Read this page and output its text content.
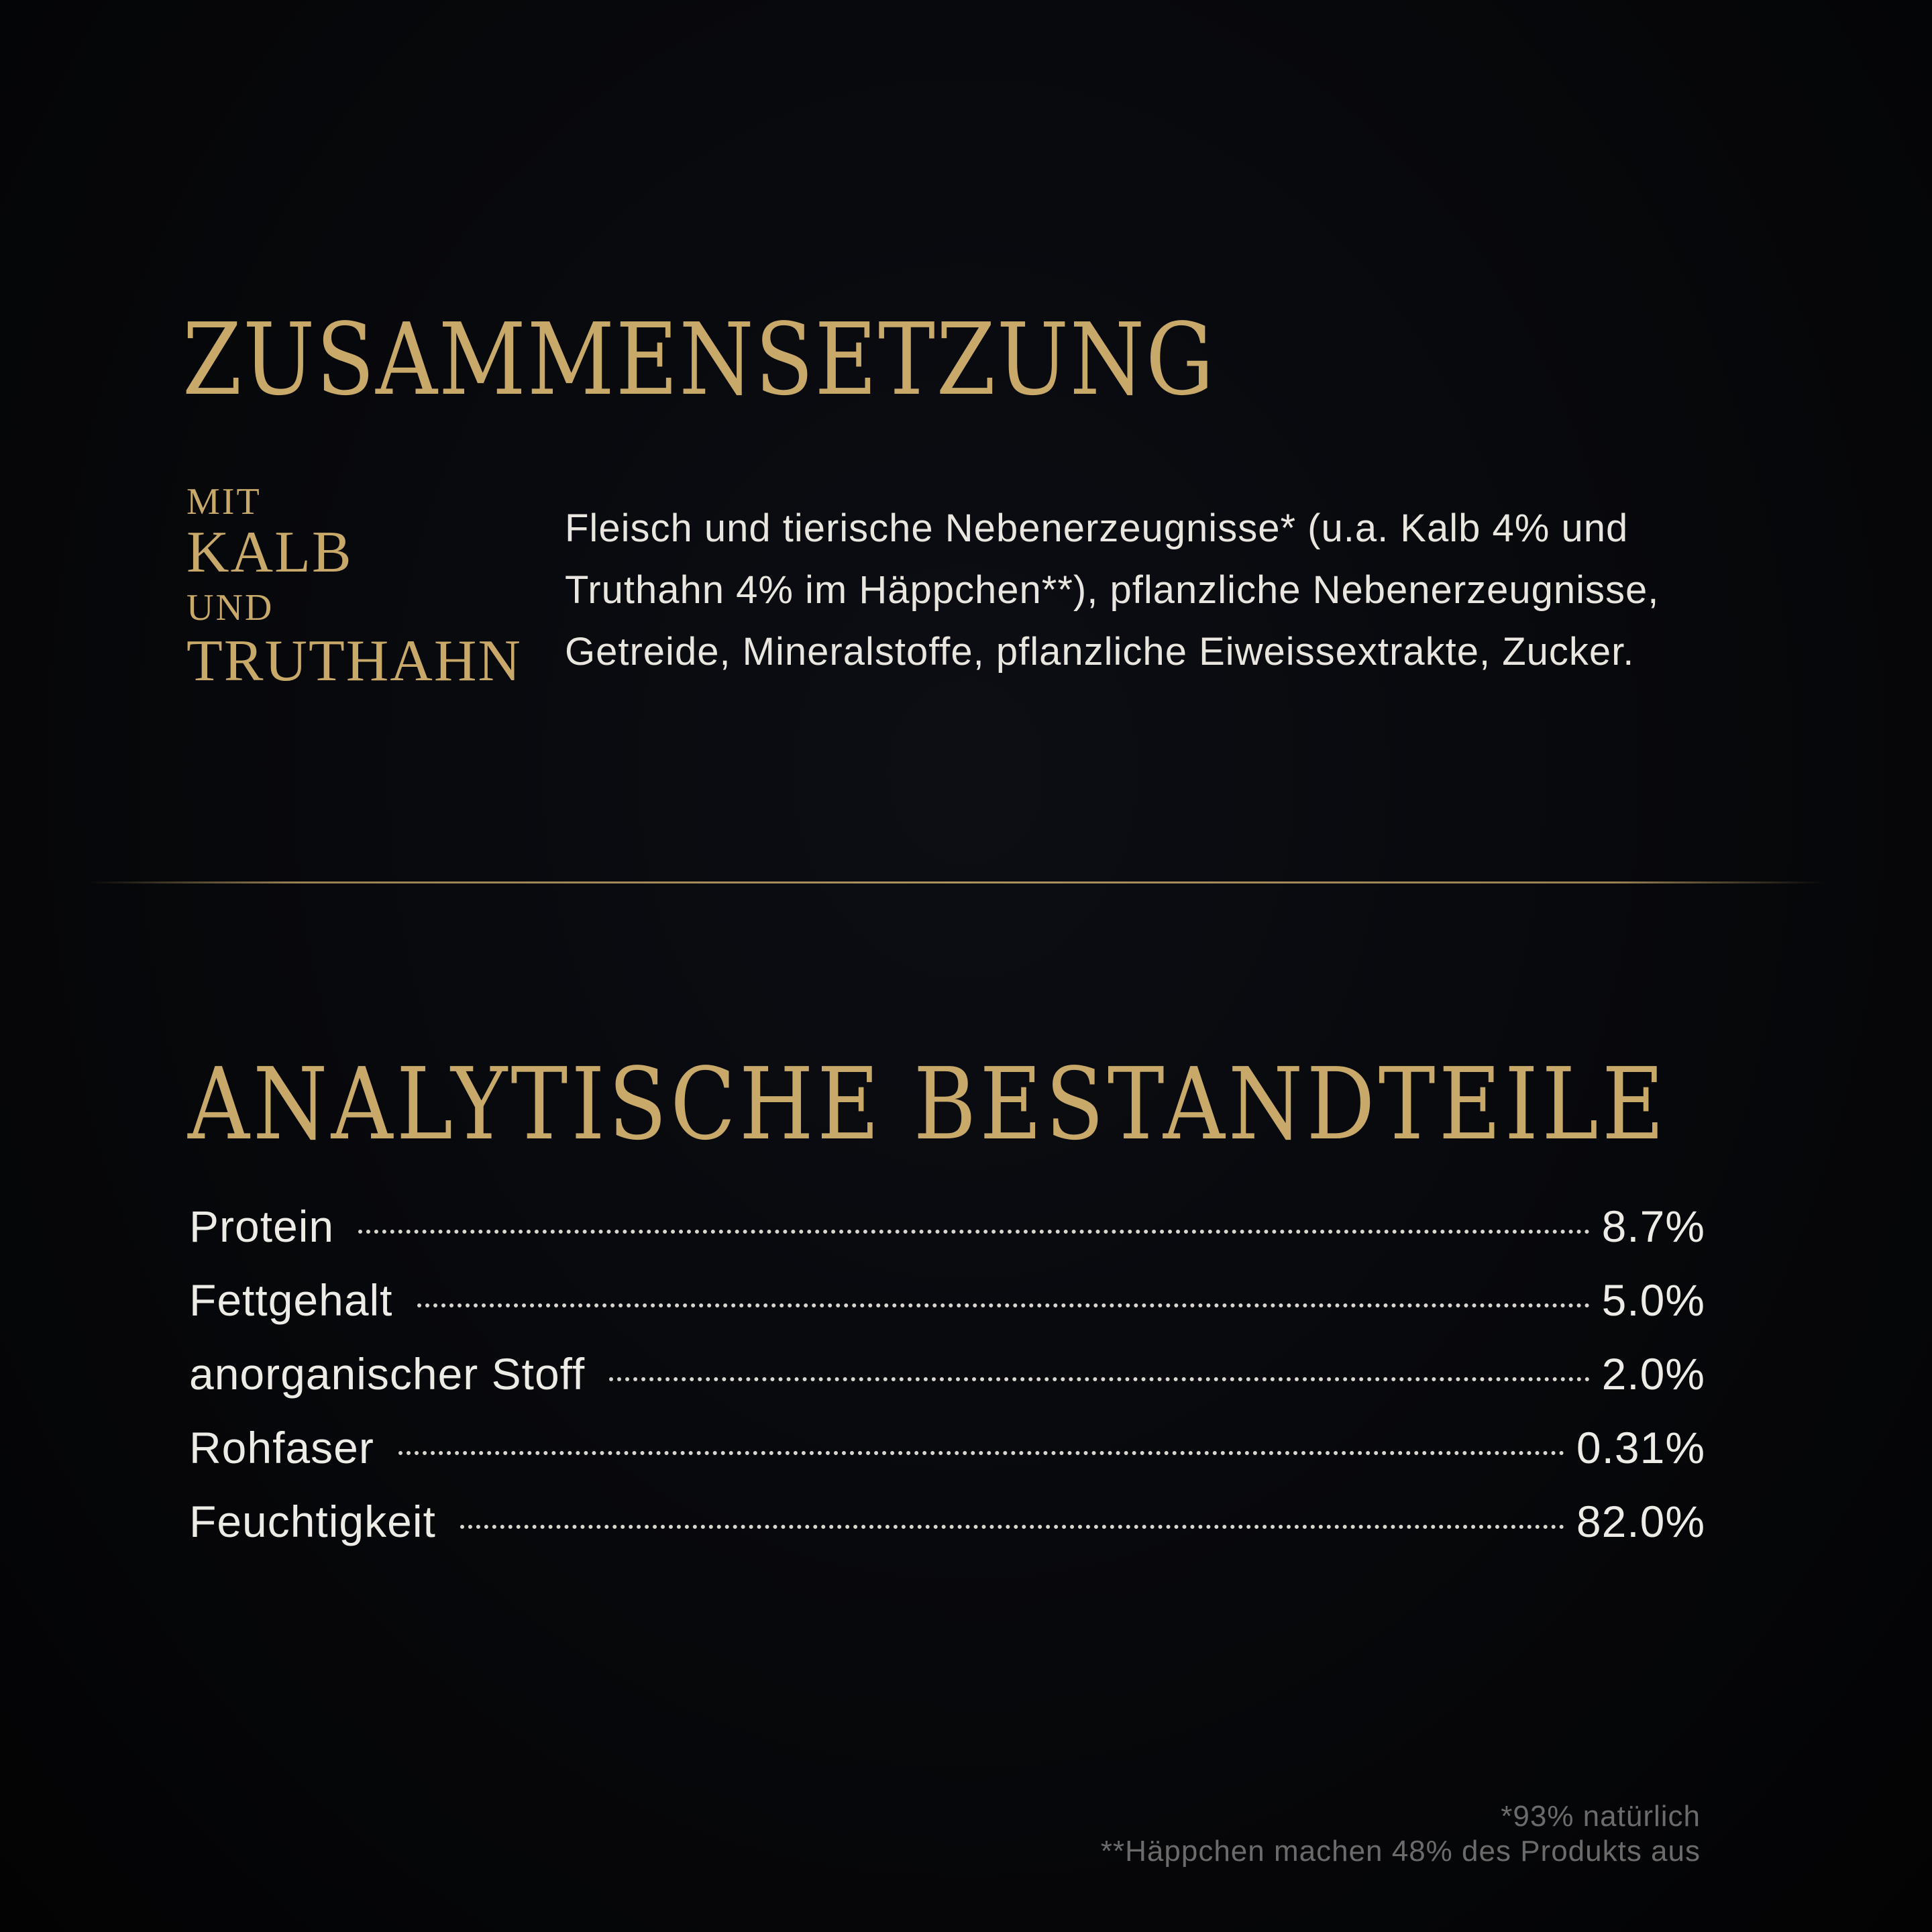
ZUSAMMENSETZUNG
MIT
KALB
UND
TRUTHAHN
Fleisch und tierische Nebenerzeugnisse* (u.a. Kalb 4% und
Truthahn 4% im Häppchen**), pflanzliche Nebenerzeugnisse,
Getreide, Mineralstoffe, pflanzliche Eiweissextrakte, Zucker.
ANALYTISCHE BESTANDTEILE
Protein	8.7%
Fettgehalt	5.0%
anorganischer Stoff	2.0%
Rohfaser	0.31%
Feuchtigkeit	82.0%
*93% natürlich
**Häppchen machen 48% des Produkts aus
